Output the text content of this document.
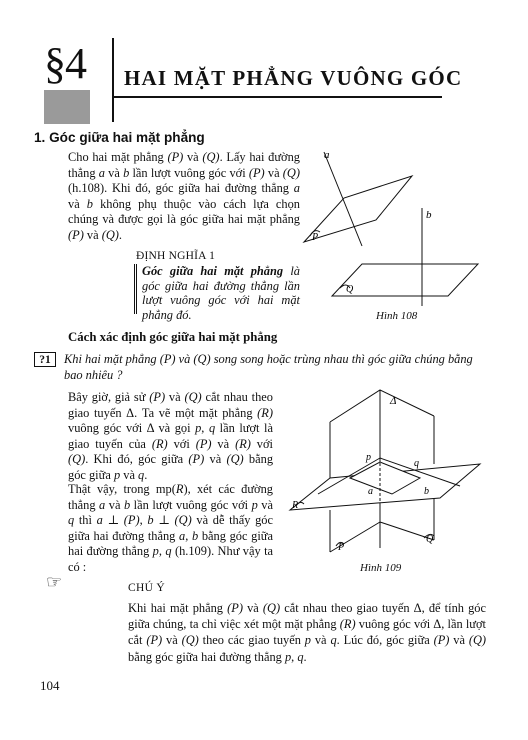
§4 HAI MẶT PHẲNG VUÔNG GÓC
1. Góc giữa hai mặt phẳng

Cho hai mặt phẳng (P) và (Q). Lấy hai đường thẳng a và b lần lượt vuông góc với (P) và (Q) (h.108). Khi đó, góc giữa hai đường thẳng a và b không phụ thuộc vào cách lựa chọn chúng và được gọi là góc giữa hai mặt phẳng (P) và (Q).

ĐỊNH NGHĨA 1

Góc giữa hai mặt phẳng là góc giữa hai đường thẳng lần lượt vuông góc với hai mặt phẳng đó.

a
b
P
Q
Hình 108
Cách xác định góc giữa hai mặt phẳng
?1	Khi hai mặt phẳng (P) và (Q) song song hoặc trùng nhau thì góc giữa chúng bằng bao nhiêu ?

Bây giờ, giả sử (P) và (Q) cắt nhau theo giao tuyến Δ. Ta vẽ một mặt phẳng (R) vuông góc với Δ và gọi p, q lần lượt là giao tuyến của (R) với (P) và (R) với (Q). Khi đó, góc giữa (P) và (Q) bằng góc giữa p và q.

Thật vậy, trong mp(R), xét các đường thẳng a và b lần lượt vuông góc với p và q thì a ⊥ (P), b ⊥ (Q) và dễ thấy góc giữa hai đường thẳng a, b bằng góc giữa hai đường thẳng p, q (h.109). Như vậy ta có :

Δ
p
q
a	b
R
P
Q
Hình 109
☞	CHÚ Ý

Khi hai mặt phẳng (P) và (Q) cắt nhau theo giao tuyến Δ, để tính góc giữa chúng, ta chỉ việc xét một mặt phẳng (R) vuông góc với Δ, lần lượt cắt (P) và (Q) theo các giao tuyến p và q. Lúc đó, góc giữa (P) và (Q) bằng góc giữa hai đường thẳng p, q.

104
